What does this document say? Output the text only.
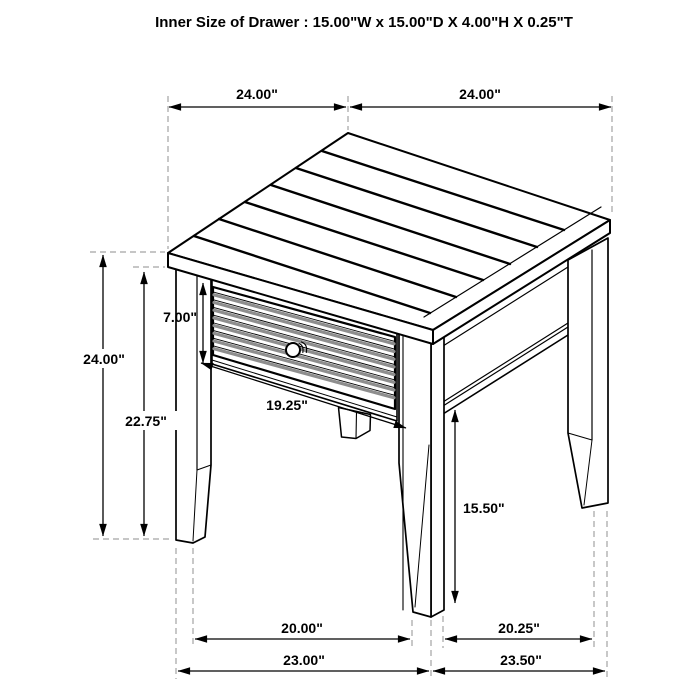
Inner Size of Drawer : 15.00"W x 15.00"D X 4.00"H X 0.25"T
24.00"	24.00"
24.00"
22.75"
7.00"
19.25"
15.50"
20.00"	20.25"
23.00"	23.50"
